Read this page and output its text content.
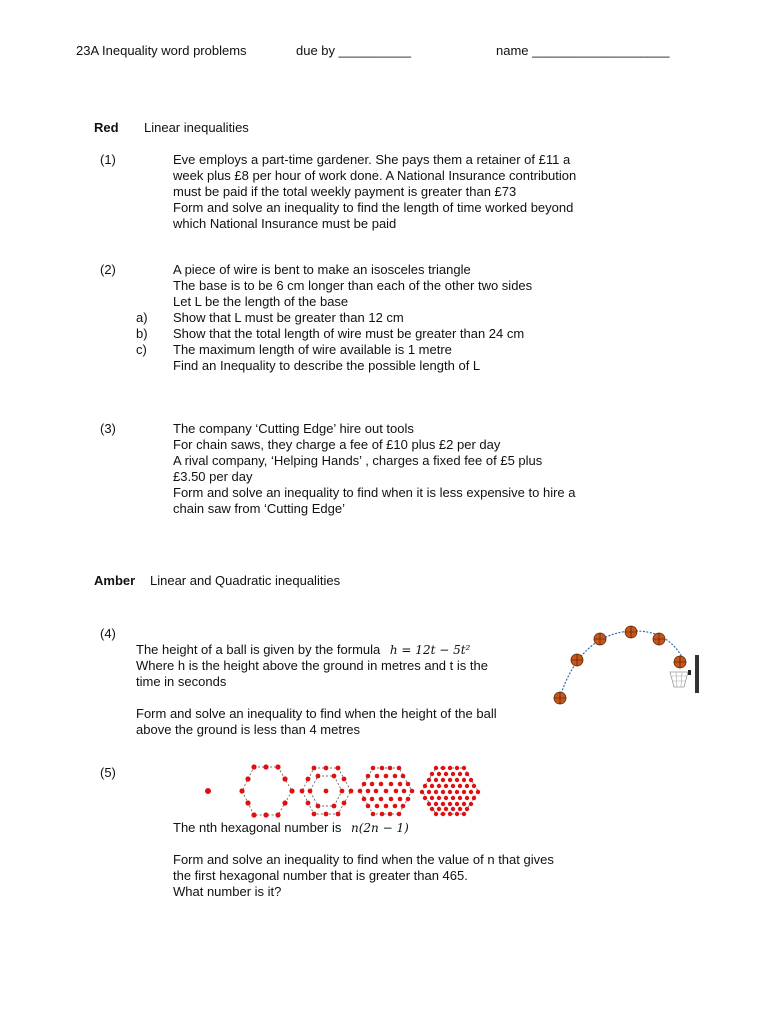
23A Inequality word problems	due by __________	name ___________________
Red Linear inequalities
(1)	Eve employs a part-time gardener. She pays them a retainer of £11 a
week plus £8 per hour of work done. A National Insurance contribution
must be paid if the total weekly payment is greater than £73
Form and solve an inequality to find the length of time worked beyond
which National Insurance must be paid
(2)
a)
b)
c)
A piece of wire is bent to make an isosceles triangle
The base is to be 6 cm longer than each of the other two sides
Let L be the length of the base
Show that L must be greater than 12 cm
Show that the total length of wire must be greater than 24 cm
The maximum length of wire available is 1 metre
Find an Inequality to describe the possible length of L
(3)	The company ‘Cutting Edge’ hire out tools
For chain saws, they charge a fee of £10 plus £2 per day
A rival company, ‘Helping Hands’ , charges a fixed fee of £5 plus
£3.50 per day
Form and solve an inequality to find when it is less expensive to hire a
chain saw from ‘Cutting Edge’
Amber Linear and Quadratic inequalities
(4)
The height of a ball is given by the formula h = 12t − 5t²
Where h is the height above the ground in metres and t is the
time in seconds
Form and solve an inequality to find when the height of the ball
above the ground is less than 4 metres
(5)
The nth hexagonal number is n(2n − 1)
Form and solve an inequality to find when the value of n that gives
the first hexagonal number that is greater than 465.
What number is it?
